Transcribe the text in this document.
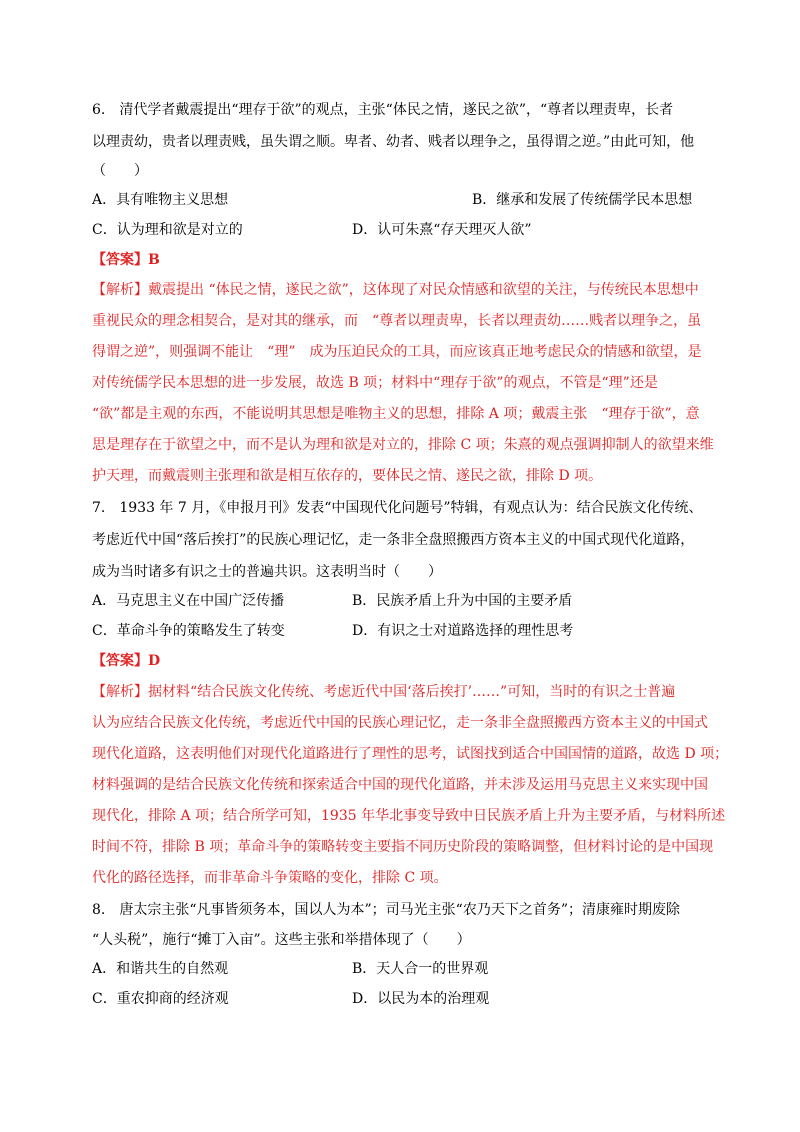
6.　清代学者戴震提出“理存于欲”的观点，主张“体民之情，遂民之欲”，“尊者以理责卑，长者
以理责幼，贵者以理责贱，虽失谓之顺。卑者、幼者、贱者以理争之，虽得谓之逆。”由此可知，他
（　　）
A．具有唯物主义思想	B．继承和发展了传统儒学民本思想
C．认为理和欲是对立的	D．认可朱熹“存天理灭人欲”
【答案】B
【解析】戴震提出 “体民之情，遂民之欲”，这体现了对民众情感和欲望的关注，与传统民本思想中
重视民众的理念相契合，是对其的继承，而　“尊者以理责卑，长者以理责幼……贱者以理争之，虽
得谓之逆”，则强调不能让　“理”　成为压迫民众的工具，而应该真正地考虑民众的情感和欲望，是
对传统儒学民本思想的进一步发展，故选 B 项；材料中“理存于欲”的观点，不管是“理”还是
“欲”都是主观的东西，不能说明其思想是唯物主义的思想，排除 A 项；戴震主张　“理存于欲”，意
思是理存在于欲望之中，而不是认为理和欲是对立的，排除 C 项；朱熹的观点强调抑制人的欲望来维
护天理，而戴震则主张理和欲是相互依存的，要体民之情、遂民之欲，排除 D 项。
7.　1933 年 7 月，《申报月刊》发表“中国现代化问题号”特辑，有观点认为：结合民族文化传统、
考虑近代中国“落后挨打”的民族心理记忆，走一条非全盘照搬西方资本主义的中国式现代化道路，
成为当时诸多有识之士的普遍共识。这表明当时（　　）
A．马克思主义在中国广泛传播	B．民族矛盾上升为中国的主要矛盾
C．革命斗争的策略发生了转变	D．有识之士对道路选择的理性思考
【答案】D
【解析】据材料“结合民族文化传统、考虑近代中国‘落后挨打’……”可知，当时的有识之士普遍
认为应结合民族文化传统，考虑近代中国的民族心理记忆，走一条非全盘照搬西方资本主义的中国式
现代化道路，这表明他们对现代化道路进行了理性的思考，试图找到适合中国国情的道路，故选 D 项；
材料强调的是结合民族文化传统和探索适合中国的现代化道路，并未涉及运用马克思主义来实现中国
现代化，排除 A 项；结合所学可知，1935 年华北事变导致中日民族矛盾上升为主要矛盾，与材料所述
时间不符，排除 B 项；革命斗争的策略转变主要指不同历史阶段的策略调整，但材料讨论的是中国现
代化的路径选择，而非革命斗争策略的变化，排除 C 项。
8.　唐太宗主张“凡事皆须务本，国以人为本”；司马光主张“农乃天下之首务”；清康雍时期废除
“人头税”，施行“摊丁入亩”。这些主张和举措体现了（　　）
A．和谐共生的自然观	B．天人合一的世界观
C．重农抑商的经济观	D．以民为本的治理观
